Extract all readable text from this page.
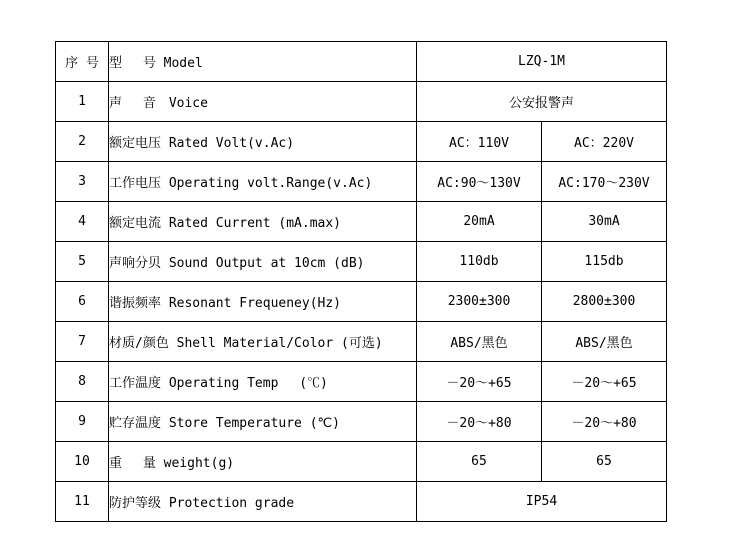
序 号	型　 号 Model	LZQ-1M	
1	声　 音　Voice	公安报警声	
2	额定电压 Rated Volt(v.Ac)	AC：110V	AC：220V
3	工作电压 Operating volt.Range(v.Ac)	AC:90～130V	AC:170～230V
4	额定电流 Rated Current (mA.max)	20mA	30mA
5	声响分贝 Sound Output at 10cm (dB)	110db	115db
6	谐振频率 Resonant Frequeney(Hz)	2300±300	2800±300
7	材质/颜色 Shell Material/Color (可选)	ABS/黑色	ABS/黑色
8	工作温度 Operating Temp　 (℃)	－20～+65	－20～+65
9	贮存温度 Store Temperature (℃)	－20～+80	－20～+80
10	重　 量 weight(g)	65	65
11	防护等级 Protection grade	IP54	
